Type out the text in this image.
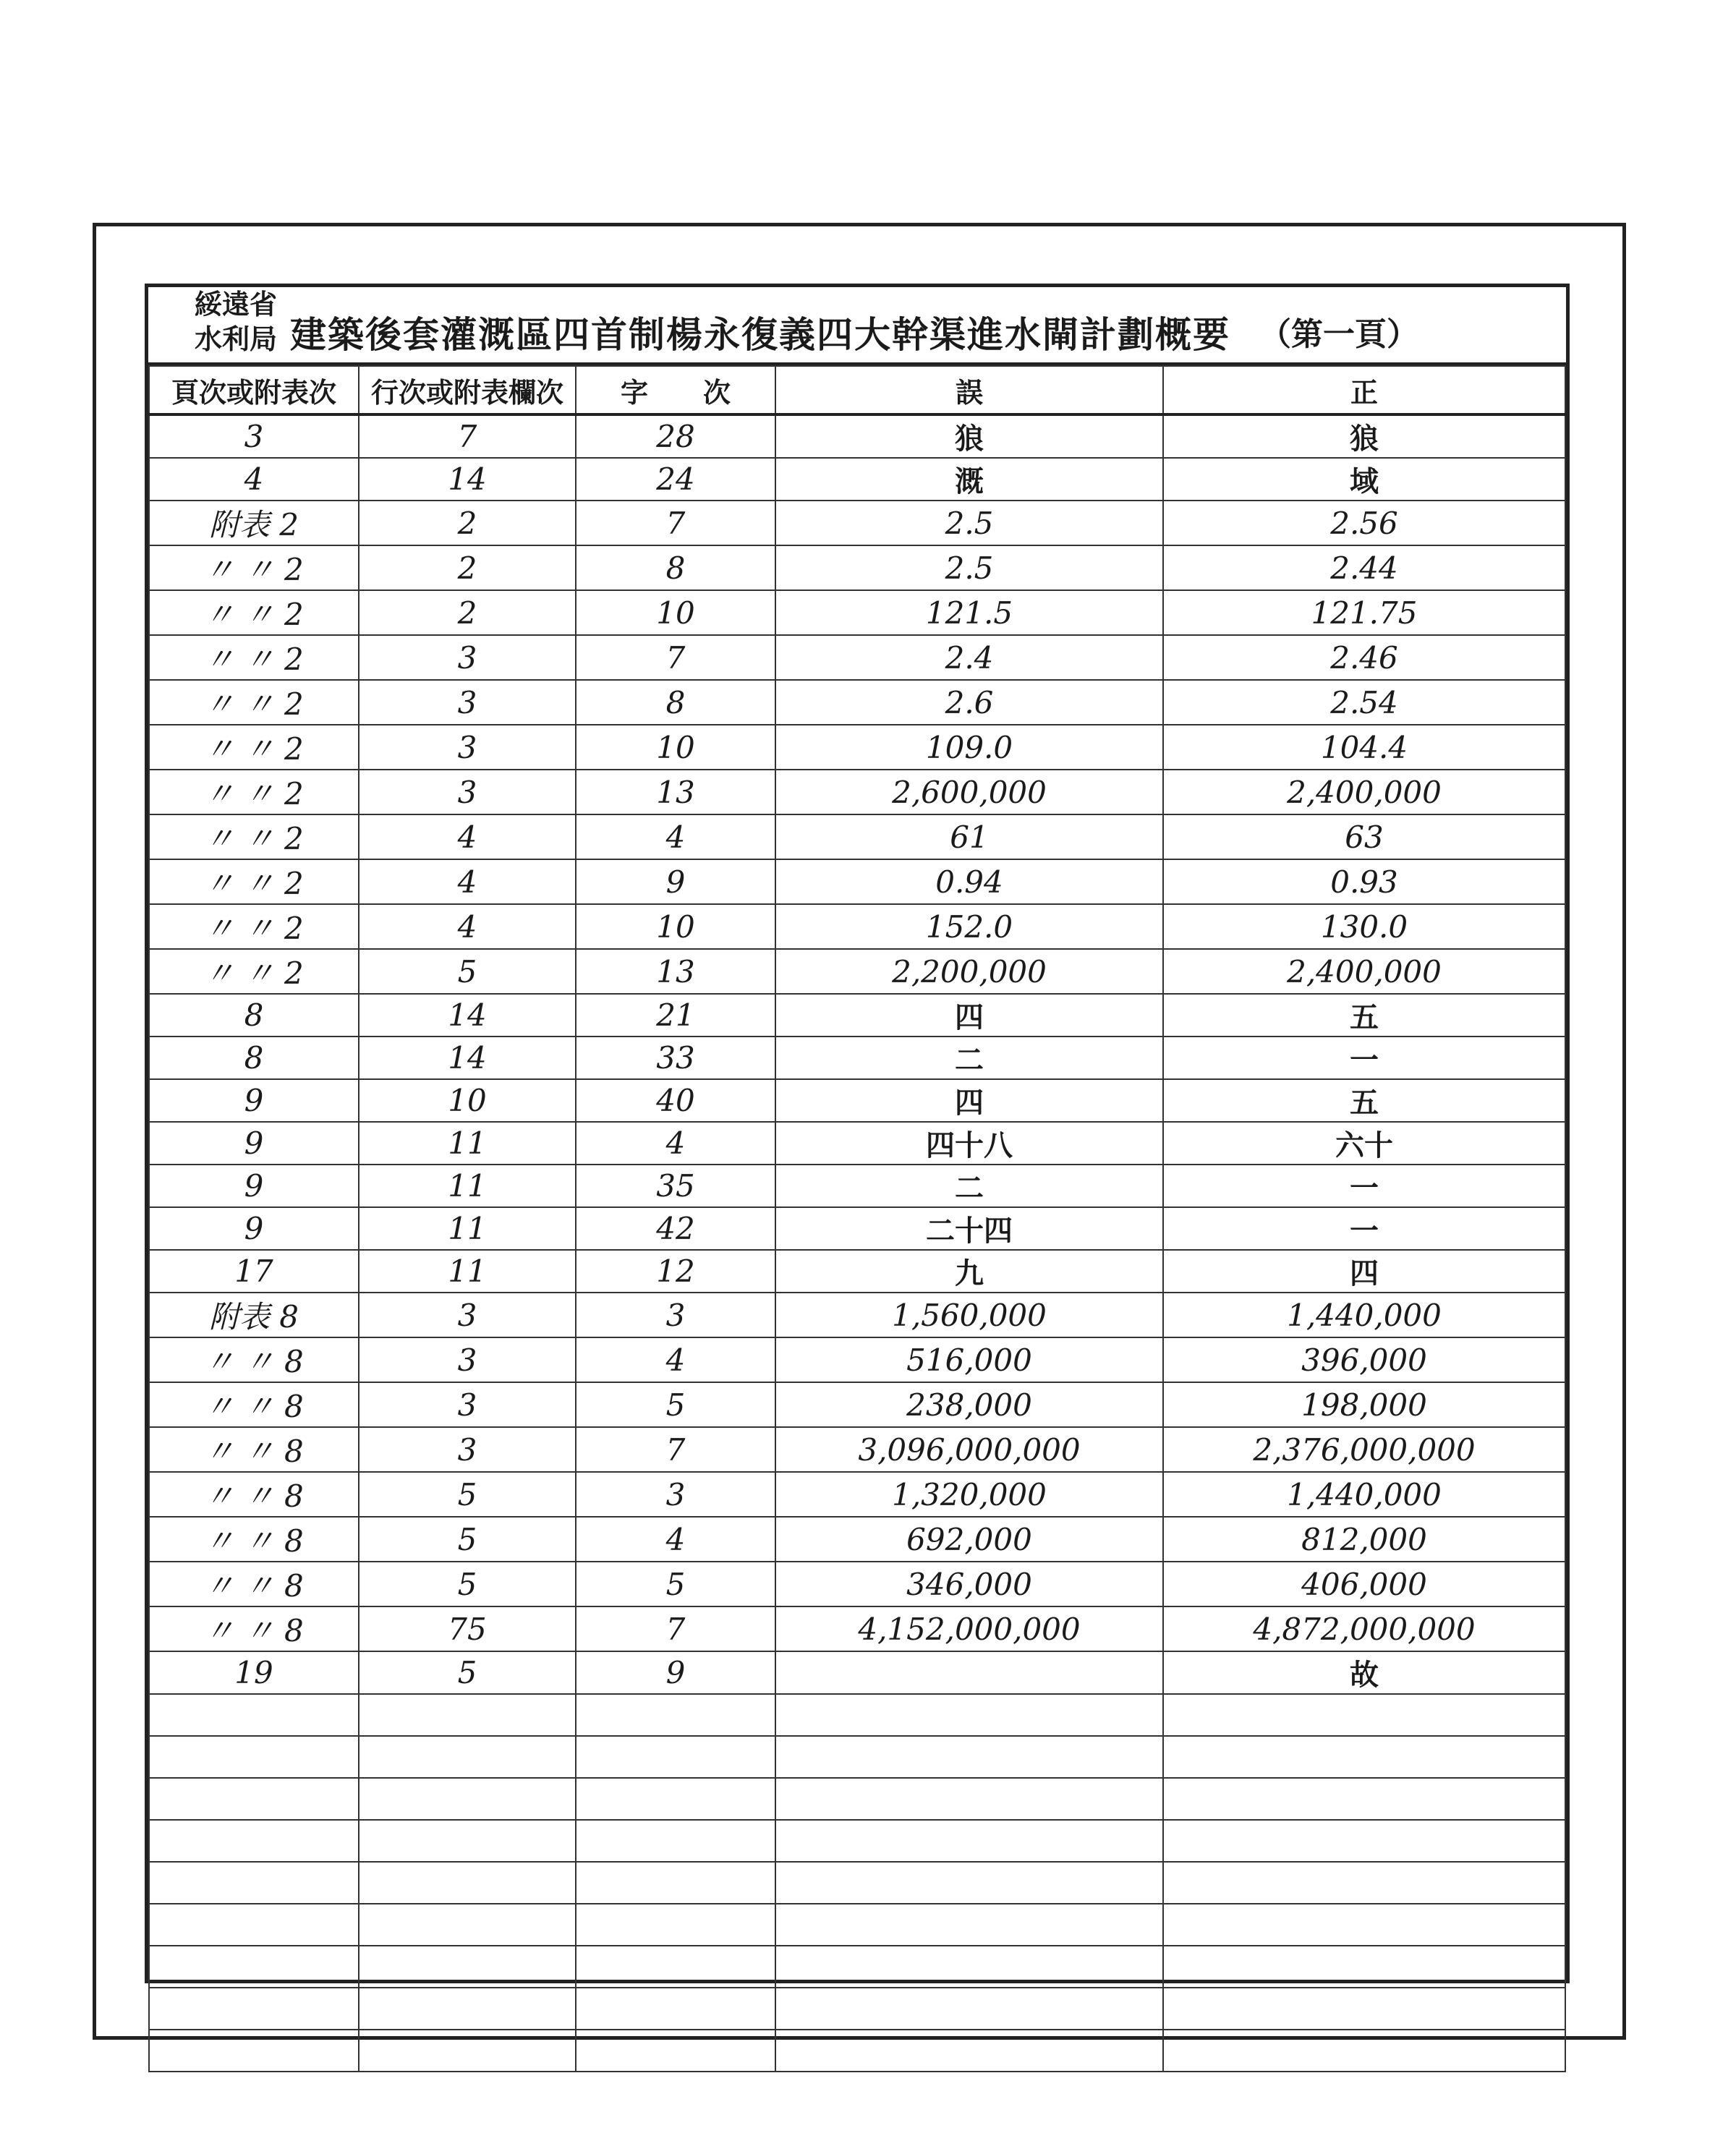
綏遠省
水利局 建築後套灌溉區四首制楊永復義四大幹渠進水閘計劃概要 （第一頁）
頁次或附表次	行次或附表欄次	字　　次	誤	正
3	7	28	狼	狼
4	14	24	溉	域
附表 2	2	7	2.5	2.56
〃 〃 2	2	8	2.5	2.44
〃 〃 2	2	10	121.5	121.75
〃 〃 2	3	7	2.4	2.46
〃 〃 2	3	8	2.6	2.54
〃 〃 2	3	10	109.0	104.4
〃 〃 2	3	13	2,600,000	2,400,000
〃 〃 2	4	4	61	63
〃 〃 2	4	9	0.94	0.93
〃 〃 2	4	10	152.0	130.0
〃 〃 2	5	13	2,200,000	2,400,000
8	14	21	四	五
8	14	33	二	一
9	10	40	四	五
9	11	4	四十八	六十
9	11	35	二	一
9	11	42	二十四	一
17	11	12	九	四
附表 8	3	3	1,560,000	1,440,000
〃 〃 8	3	4	516,000	396,000
〃 〃 8	3	5	238,000	198,000
〃 〃 8	3	7	3,096,000,000	2,376,000,000
〃 〃 8	5	3	1,320,000	1,440,000
〃 〃 8	5	4	692,000	812,000
〃 〃 8	5	5	346,000	406,000
〃 〃 8	75	7	4,152,000,000	4,872,000,000
19	5	9		故
